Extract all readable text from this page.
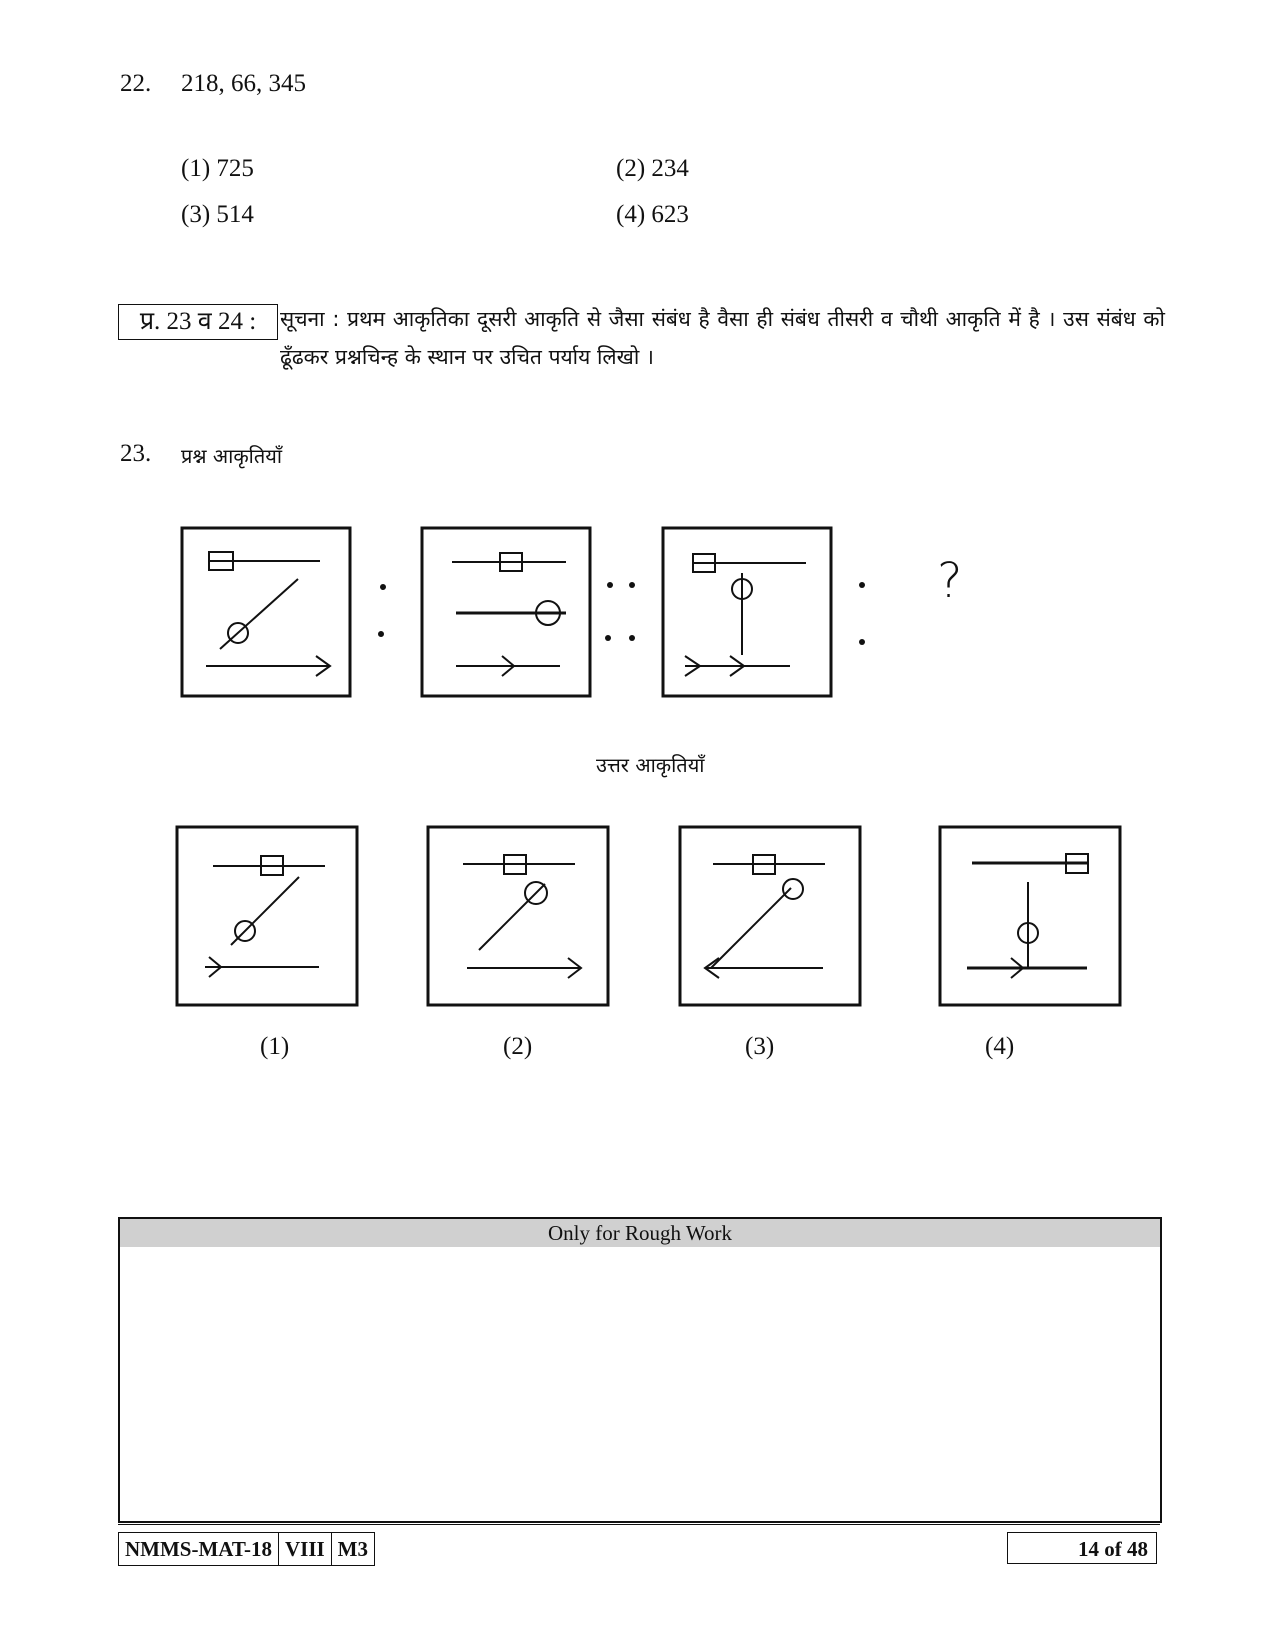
22. 218, 66, 345
(1) 725	(2) 234
(3) 514	(4) 623
प्र. 23 व 24 :	सूचना : प्रथम आकृतिका दूसरी आकृति से जैसा संबंध है वैसा ही संबंध तीसरी व चौथी आकृति में है । उस संबंध को ढूँढकर प्रश्नचिन्ह के स्थान पर उचित पर्याय लिखो ।
23. प्रश्न आकृतियाँ
?
उत्तर आकृतियाँ
(1)	(2)	(3)	(4)
Only for Rough Work
NMMS-MAT-18 VIII M3	14 of 48
